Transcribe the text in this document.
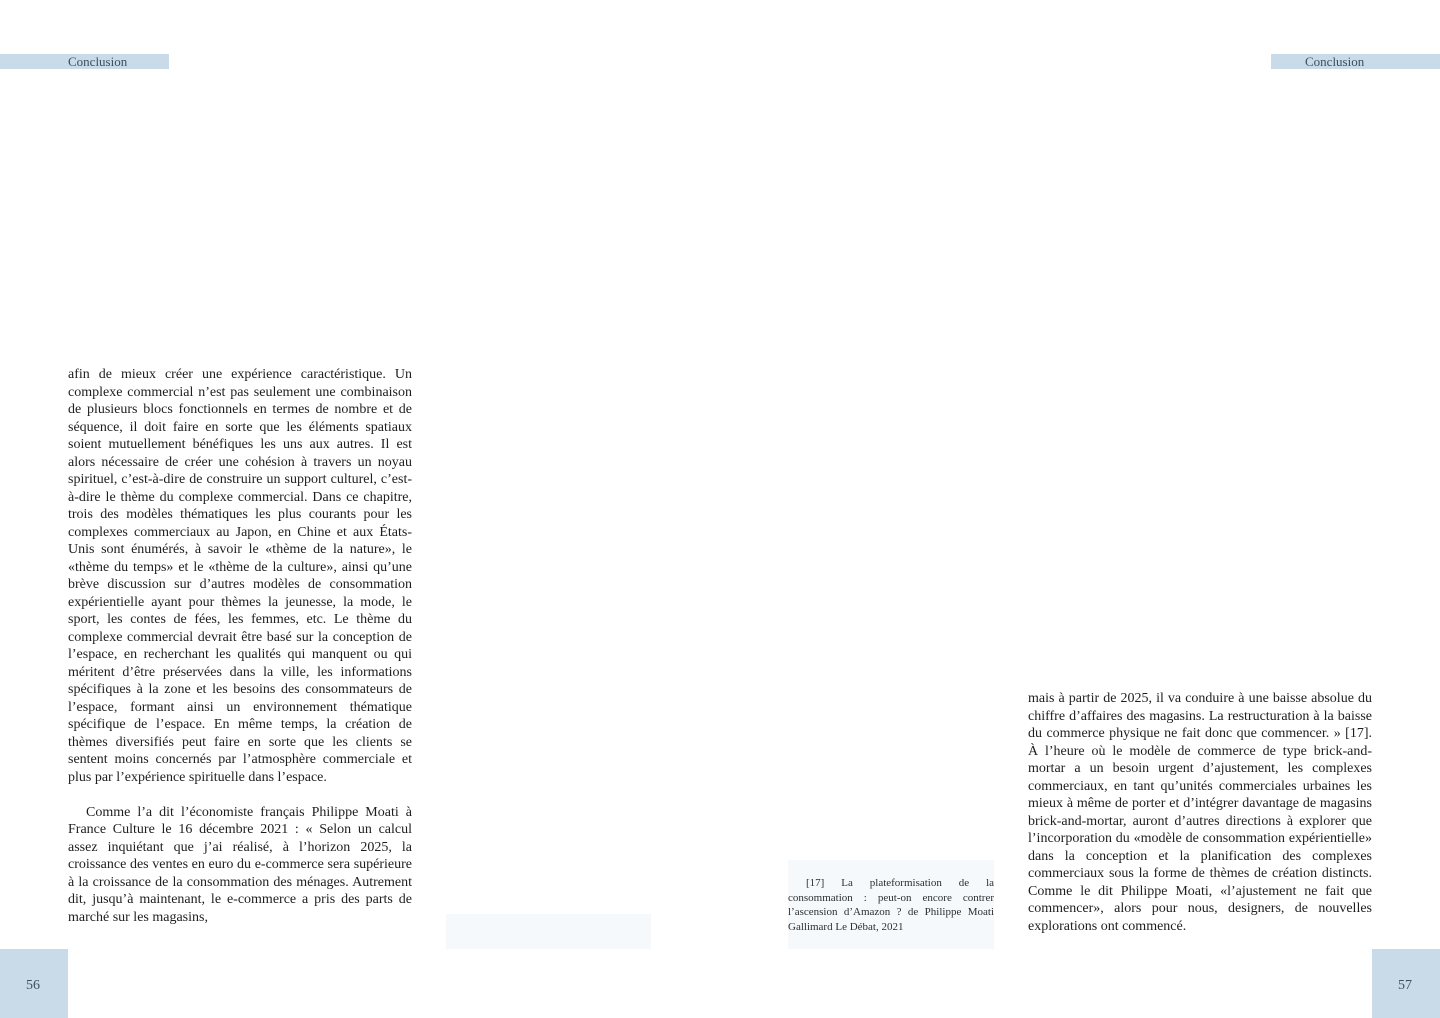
Conclusion

afin de mieux créer une expérience caractéristique. Un complexe commercial n’est pas seulement une combinaison de plusieurs blocs fonctionnels en termes de nombre et de séquence, il doit faire en sorte que les éléments spatiaux soient mutuellement bénéfiques les uns aux autres. Il est alors nécessaire de créer une cohésion à travers un noyau spirituel, c’est-à-dire de construire un support culturel, c’est-à-dire le thème du complexe commercial. Dans ce chapitre, trois des modèles thématiques les plus courants pour les complexes commerciaux au Japon, en Chine et aux États-Unis sont énumérés, à savoir le «thème de la nature», le «thème du temps» et le «thème de la culture», ainsi qu’une brève discussion sur d’autres modèles de consommation expérientielle ayant pour thèmes la jeunesse, la mode, le sport, les contes de fées, les femmes, etc. Le thème du complexe commercial devrait être basé sur la conception de l’espace, en recherchant les qualités qui manquent ou qui méritent d’être préservées dans la ville, les informations spécifiques à la zone et les besoins des consommateurs de l’espace, formant ainsi un environnement thématique spécifique de l’espace. En même temps, la création de thèmes diversifiés peut faire en sorte que les clients se sentent moins concernés par l’atmosphère commerciale et plus par l’expérience spirituelle dans l’espace.

Comme l’a dit l’économiste français Philippe Moati à France Culture le 16 décembre 2021 : « Selon un calcul assez inquiétant que j’ai réalisé, à l’horizon 2025, la croissance des ventes en euro du e-commerce sera supérieure à la croissance de la consommation des ménages. Autrement dit, jusqu’à maintenant, le e-commerce a pris des parts de marché sur les magasins,

56
Conclusion
[17] La plateformisation de la consommation : peut-on encore contrer l’ascension d’Amazon ? de Philippe Moati Gallimard Le Débat, 2021

mais à partir de 2025, il va conduire à une baisse absolue du chiffre d’affaires des magasins. La restructuration à la baisse du commerce physique ne fait donc que commencer. » [17]. À l’heure où le modèle de commerce de type brick-and-mortar a un besoin urgent d’ajustement, les complexes commerciaux, en tant qu’unités commerciales urbaines les mieux à même de porter et d’intégrer davantage de magasins brick-and-mortar, auront d’autres directions à explorer que l’incorporation du «modèle de consommation expérientielle» dans la conception et la planification des complexes commerciaux sous la forme de thèmes de création distincts. Comme le dit Philippe Moati, «l’ajustement ne fait que commencer», alors pour nous, designers, de nouvelles explorations ont commencé.

57
